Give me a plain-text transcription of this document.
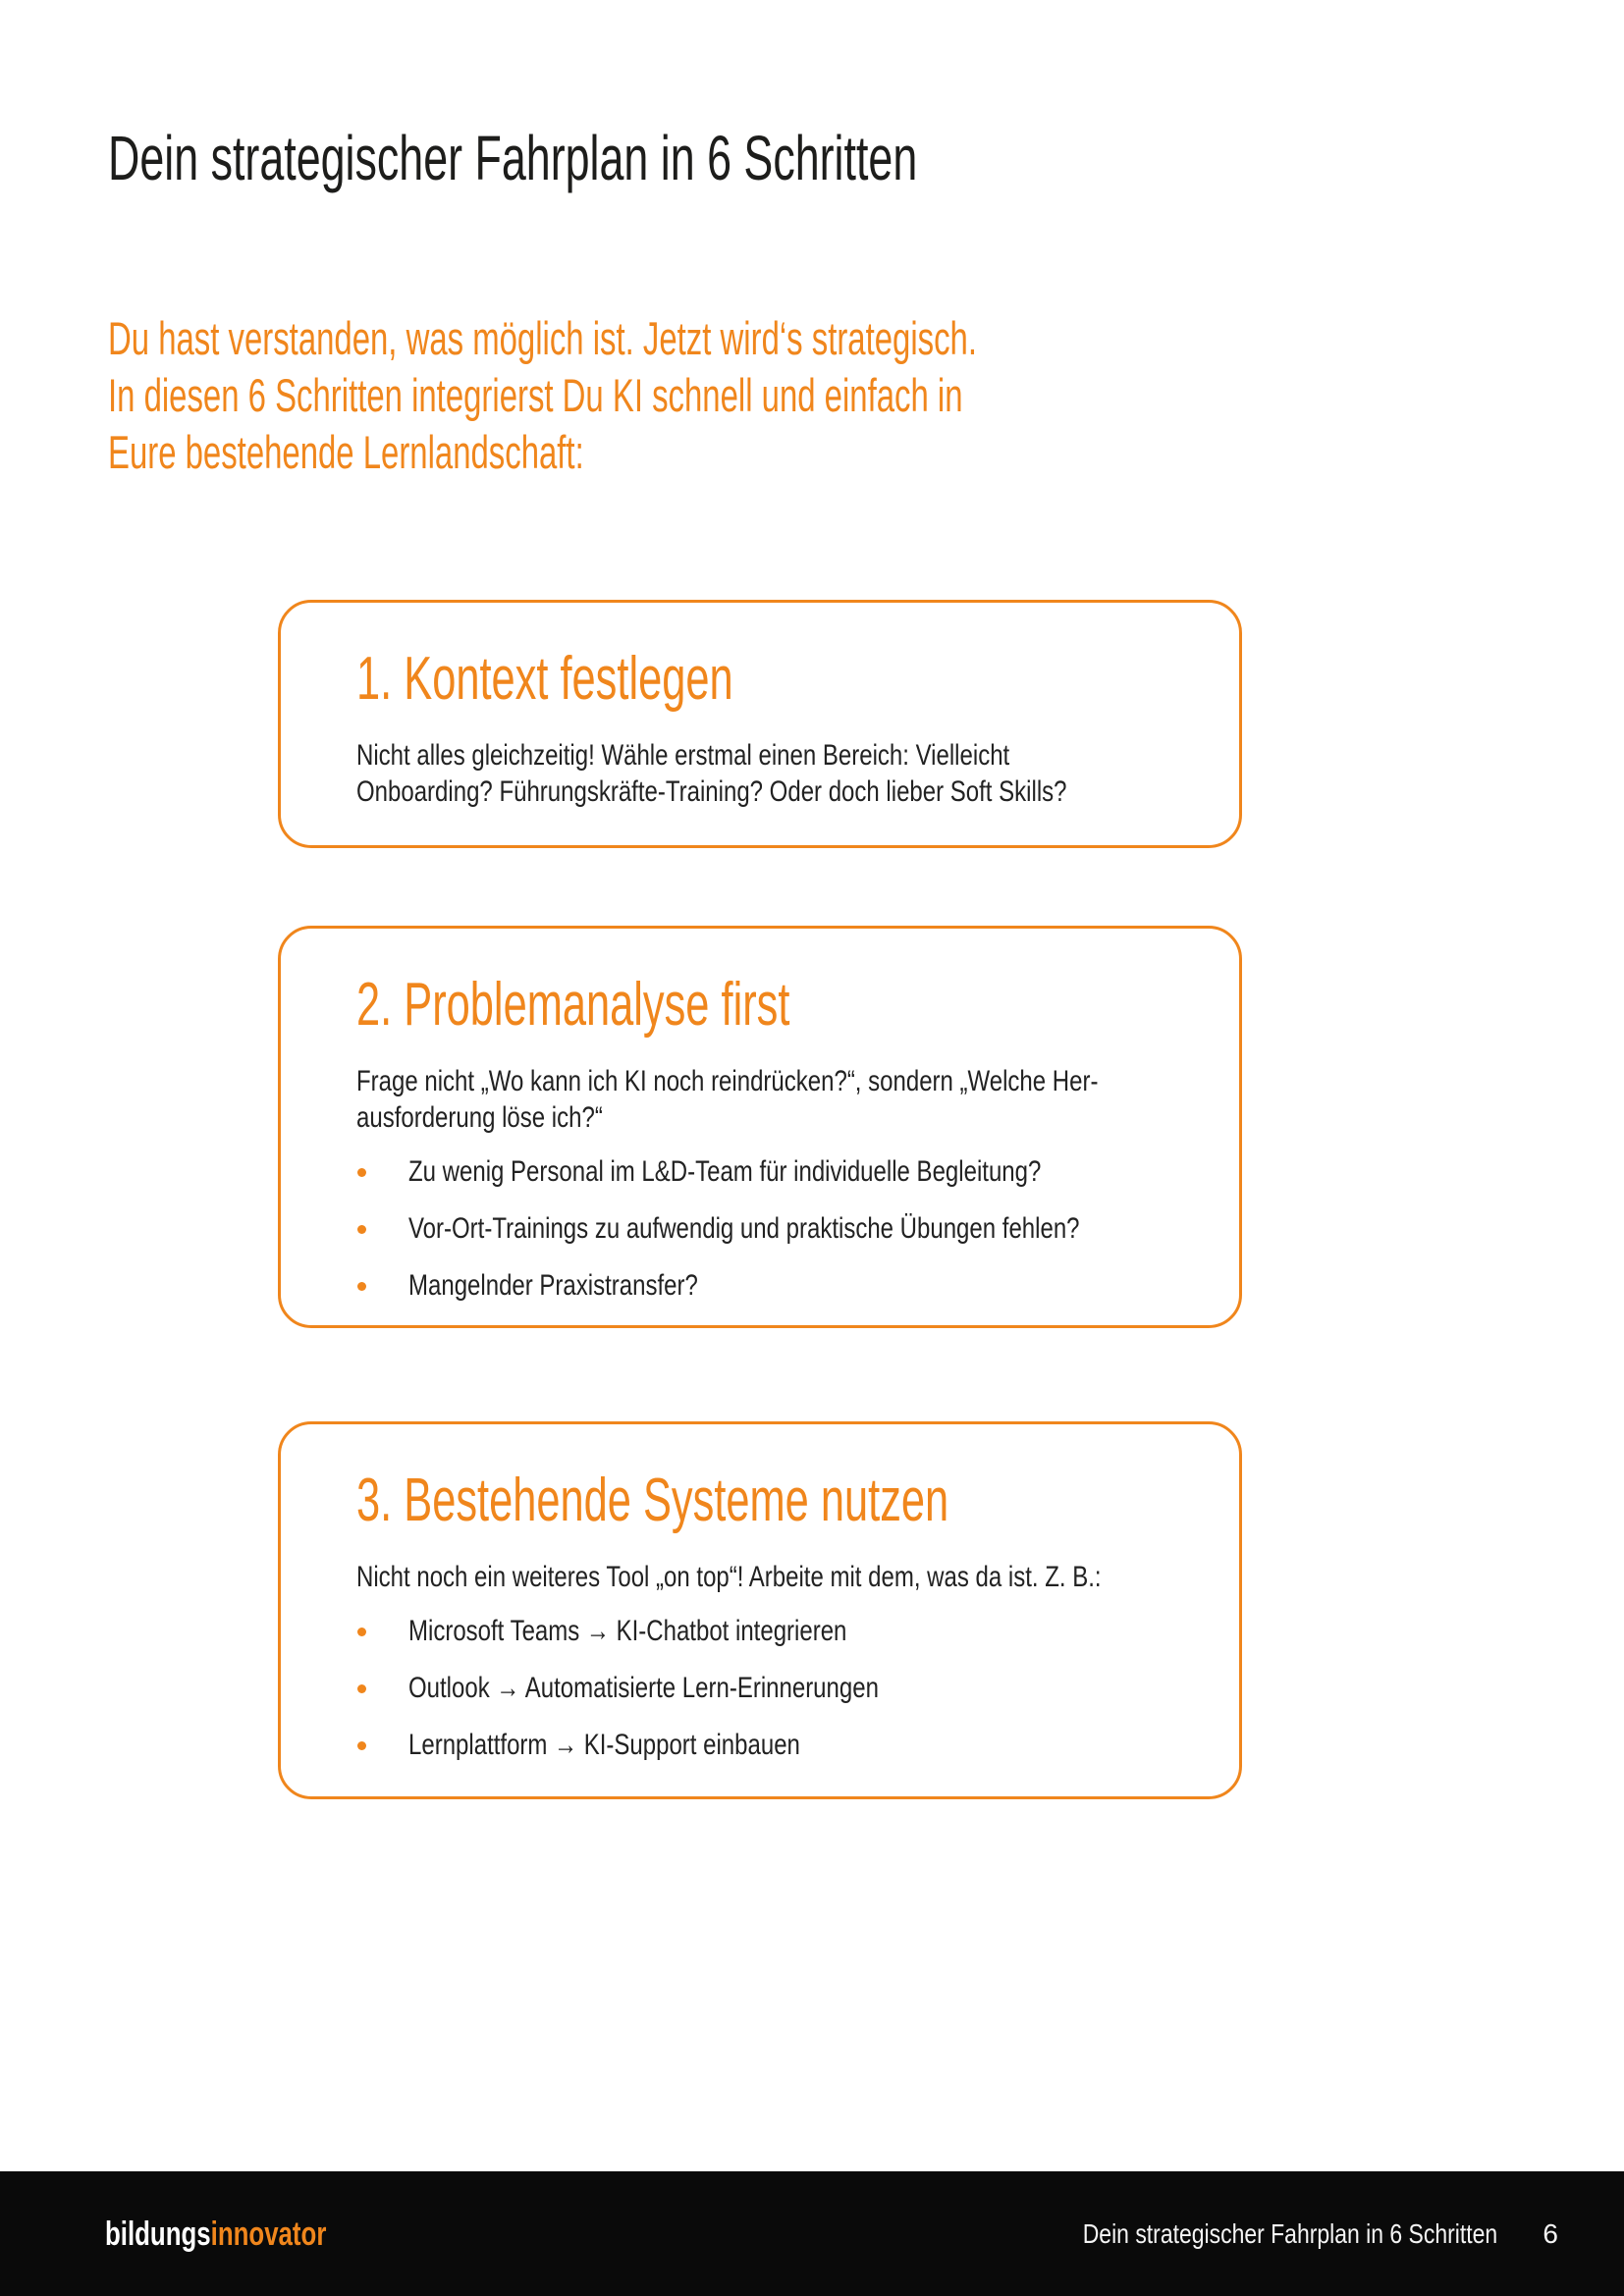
Dein strategischer Fahrplan in 6 Schritten
Du hast verstanden, was möglich ist. Jetzt wird‘s strategisch.
In diesen 6 Schritten integrierst Du KI schnell und einfach in
Eure bestehende Lernlandschaft:
1. Kontext festlegen
Nicht alles gleichzeitig! Wähle erstmal einen Bereich: Vielleicht
Onboarding? Führungskräfte-Training? Oder doch lieber Soft Skills?
2. Problemanalyse first
Frage nicht „Wo kann ich KI noch reindrücken?“, sondern „Welche Her-
ausforderung löse ich?“
Zu wenig Personal im L&D-Team für individuelle Begleitung?
Vor-Ort-Trainings zu aufwendig und praktische Übungen fehlen?
Mangelnder Praxistransfer?
3. Bestehende Systeme nutzen
Nicht noch ein weiteres Tool „on top“! Arbeite mit dem, was da ist. Z. B.:
Microsoft Teams → KI-Chatbot integrieren
Outlook → Automatisierte Lern-Erinnerungen
Lernplattform → KI-Support einbauen
bildungsinnovator	Dein strategischer Fahrplan in 6 Schritten 6
